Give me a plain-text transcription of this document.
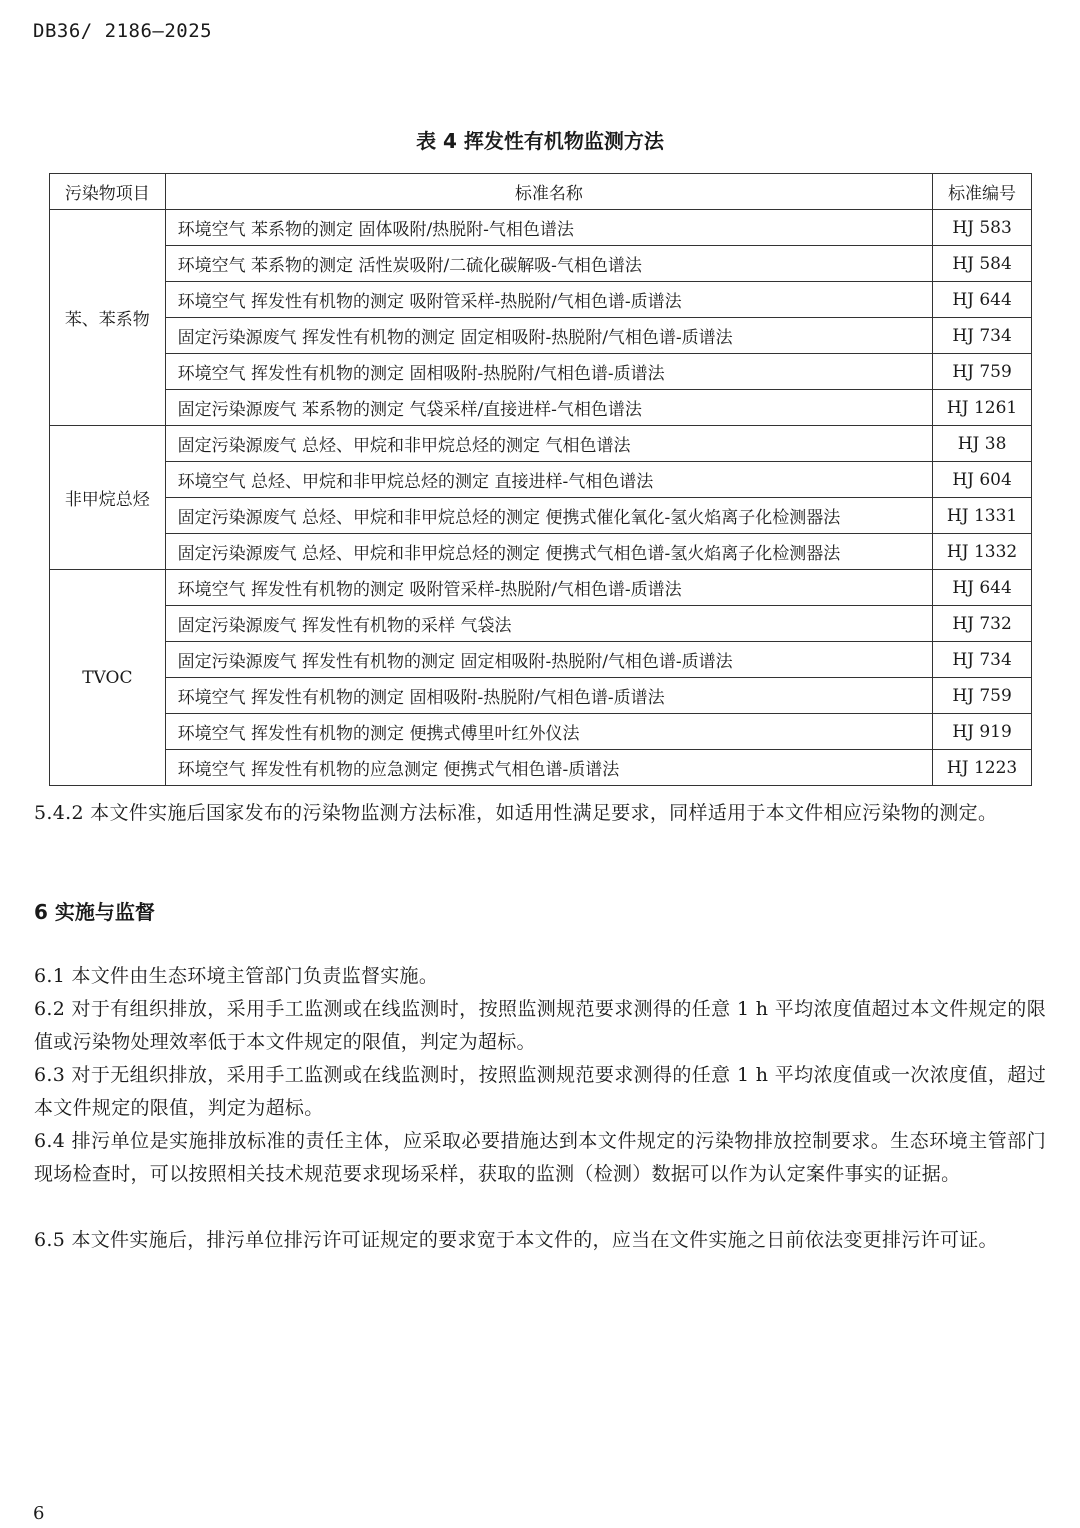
DB36/ 2186—2025
表 4 挥发性有机物监测方法
污染物项目	标准名称	标准编号
苯、苯系物	环境空气 苯系物的测定 固体吸附/热脱附-气相色谱法	HJ 583
	环境空气 苯系物的测定 活性炭吸附/二硫化碳解吸-气相色谱法	HJ 584
	环境空气 挥发性有机物的测定 吸附管采样-热脱附/气相色谱-质谱法	HJ 644
	固定污染源废气 挥发性有机物的测定 固定相吸附-热脱附/气相色谱-质谱法	HJ 734
	环境空气 挥发性有机物的测定 固相吸附-热脱附/气相色谱-质谱法	HJ 759
	固定污染源废气 苯系物的测定 气袋采样/直接进样-气相色谱法	HJ 1261
非甲烷总烃	固定污染源废气 总烃、甲烷和非甲烷总烃的测定 气相色谱法	HJ 38
	环境空气 总烃、甲烷和非甲烷总烃的测定 直接进样-气相色谱法	HJ 604
	固定污染源废气 总烃、甲烷和非甲烷总烃的测定 便携式催化氧化-氢火焰离子化检测器法	HJ 1331
	固定污染源废气 总烃、甲烷和非甲烷总烃的测定 便携式气相色谱-氢火焰离子化检测器法	HJ 1332
TVOC	环境空气 挥发性有机物的测定 吸附管采样-热脱附/气相色谱-质谱法	HJ 644
	固定污染源废气 挥发性有机物的采样 气袋法	HJ 732
	固定污染源废气 挥发性有机物的测定 固定相吸附-热脱附/气相色谱-质谱法	HJ 734
	环境空气 挥发性有机物的测定 固相吸附-热脱附/气相色谱-质谱法	HJ 759
	环境空气 挥发性有机物的测定 便携式傅里叶红外仪法	HJ 919
	环境空气 挥发性有机物的应急测定 便携式气相色谱-质谱法	HJ 1223
5.4.2 本文件实施后国家发布的污染物监测方法标准，如适用性满足要求，同样适用于本文件相应污染物的测定。
6 实施与监督
6.1 本文件由生态环境主管部门负责监督实施。
6.2 对于有组织排放，采用手工监测或在线监测时，按照监测规范要求测得的任意 1 h 平均浓度值超过本文件规定的限值或污染物处理效率低于本文件规定的限值，判定为超标。
6.3 对于无组织排放，采用手工监测或在线监测时，按照监测规范要求测得的任意 1 h 平均浓度值或一次浓度值，超过本文件规定的限值，判定为超标。
6.4 排污单位是实施排放标准的责任主体，应采取必要措施达到本文件规定的污染物排放控制要求。生态环境主管部门现场检查时，可以按照相关技术规范要求现场采样，获取的监测（检测）数据可以作为认定案件事实的证据。
6.5 本文件实施后，排污单位排污许可证规定的要求宽于本文件的，应当在文件实施之日前依法变更排污许可证。
6
